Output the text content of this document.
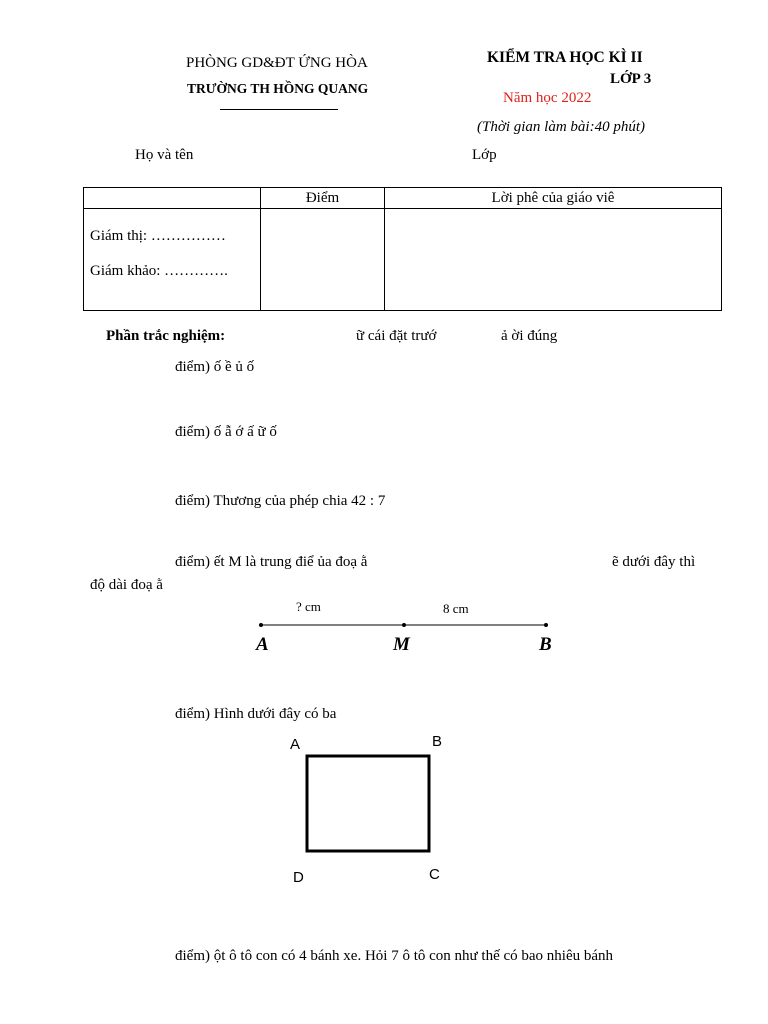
PHÒNG GD&ĐT ỨNG HÒA
TRƯỜNG TH HỒNG QUANG
KIỂM TRA HỌC KÌ II
LỚP 3
Năm học 2022
(Thời gian làm bài:40 phút)
Họ và tên	Lớp
	Điểm	Lời phê của giáo viê

Giám thị: ……………
Giám khảo: ………….		

Phần trắc nghiệm:	ữ cái đặt trướ	ả ời đúng
điểm) ố ề ủ ố
điểm) ố ẫ ớ ấ ữ ố
điểm) Thương của phép chia 42 : 7
điểm) ết M là trung điể ủa đoạ ằ	ẽ dưới đây thì
độ dài đoạ ằ
? cm	8 cm
A	M	B
điểm) Hình dưới đây có ba
A	B
C
D
điểm) ột ô tô con có 4 bánh xe. Hỏi 7 ô tô con như thế có bao nhiêu bánh
